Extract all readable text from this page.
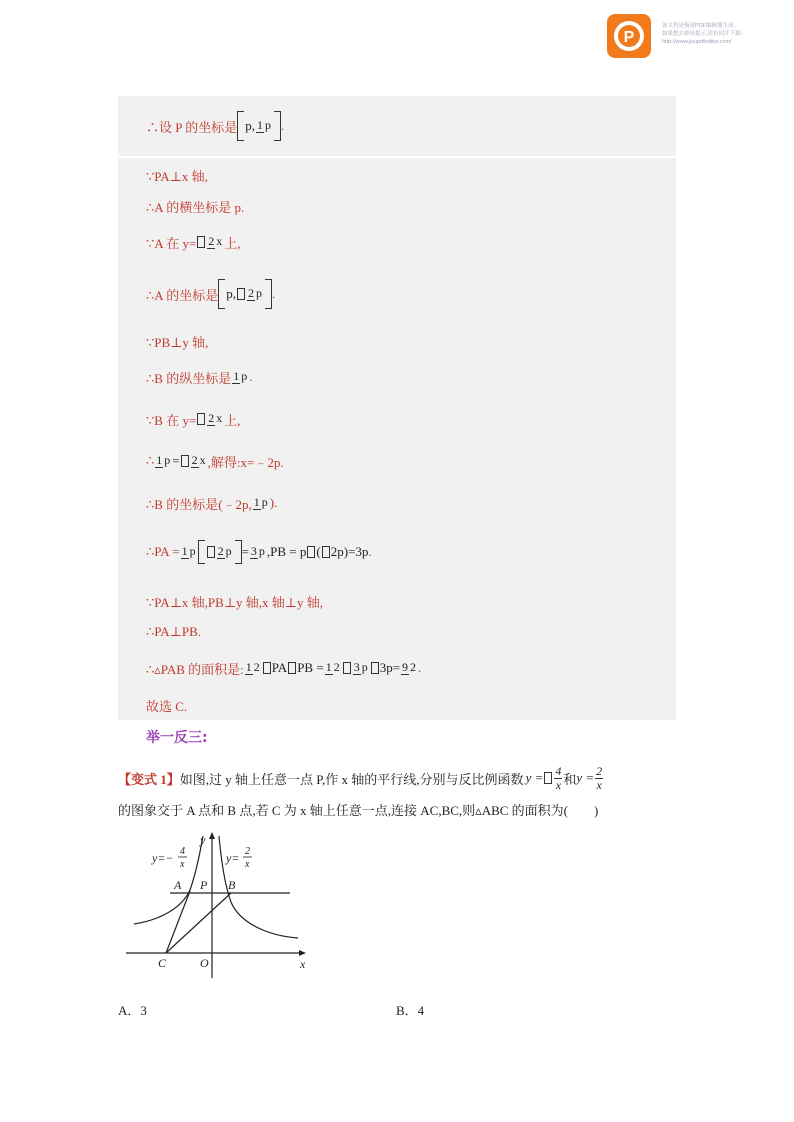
P
该文档是极速PDF编辑器生成,
如果想去掉该提示,请访问并下载:
http://www.jisupdfeditor.com/
∴设 P 的坐标是 p, 1 p .
∵PA⊥x 轴,
∴A 的横坐标是 p.
∵A 在 y= 2 x 上,
∴A 的坐标是 p, 2 p .
∵PB⊥y 轴,
∴B 的纵坐标是 1 p .
∵B 在 y= 2 x 上,
∴ 1 p = 2 x ,解得:x=﹣2p.
∴B 的坐标是(﹣2p, 1 p ).
∴PA = 1 p 2 p = 3 p ,PB = p ( 2p )=3p .
∵PA⊥x 轴,PB⊥y 轴,x 轴⊥y 轴,
∴PA⊥PB.
∴▵PAB 的面积是: 1 2 PA PB = 1 2 3 p 3p= 9 2 .
故选 C.
举一反三:
【变式 1】 如图,过 y 轴上任意一点 P,作 x 轴的平行线,分别与反比例函数 $y = \frac{4}{x}$ 和 $y = \frac{2}{x}$
的图象交于 A 点和 B 点,若 C 为 x 轴上任意一点,连接 AC,BC,则▵ABC 的面积为(　　)
y=− 4
x	y= 2
x
y
x
A P B
C	O
A．3	B．4
